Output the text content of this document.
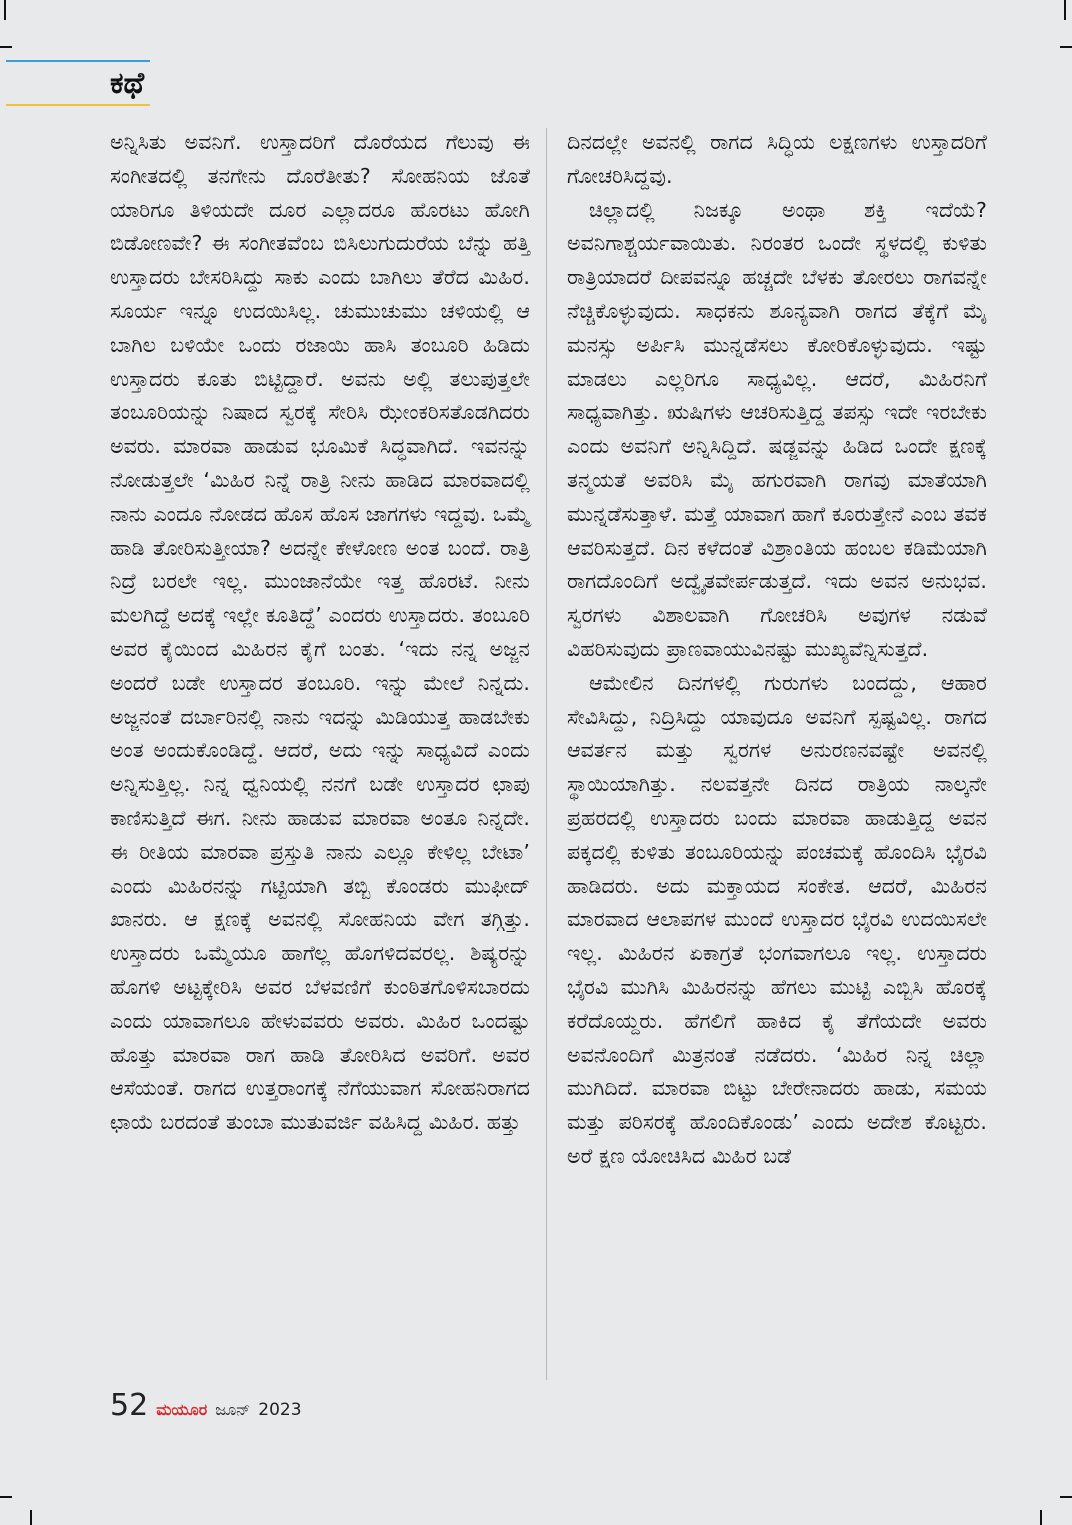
ಕಥೆ

ಅನ್ನಿಸಿತು ಅವನಿಗೆ. ಉಸ್ತಾದರಿಗೆ ದೊರೆಯದ ಗೆಲುವು ಈ ಸಂಗೀತದಲ್ಲಿ ತನಗೇನು ದೊರೆತೀತು? ಸೋಹನಿಯ ಜೊತೆ ಯಾರಿಗೂ ತಿಳಿಯದೇ ದೂರ ಎಲ್ಲಾದರೂ ಹೊರಟು ಹೋಗಿ ಬಿಡೋಣವೇ? ಈ ಸಂಗೀತವೆಂಬ ಬಿಸಿಲುಗುದುರೆಯ ಬೆನ್ನು ಹತ್ತಿ ಉಸ್ತಾದರು ಬೇಸರಿಸಿದ್ದು ಸಾಕು ಎಂದು ಬಾಗಿಲು ತೆರೆದ ಮಿಹಿರ. ಸೂರ್ಯ ಇನ್ನೂ ಉದಯಿಸಿಲ್ಲ. ಚುಮುಚುಮು ಚಳಿಯಲ್ಲಿ ಆ ಬಾಗಿಲ ಬಳಿಯೇ ಒಂದು ರಜಾಯಿ ಹಾಸಿ ತಂಬೂರಿ ಹಿಡಿದು ಉಸ್ತಾದರು ಕೂತು ಬಿಟ್ಟಿದ್ದಾರೆ. ಅವನು ಅಲ್ಲಿ ತಲುಪುತ್ತಲೇ ತಂಬೂರಿಯನ್ನು ನಿಷಾದ ಸ್ವರಕ್ಕೆ ಸೇರಿಸಿ ಝೇಂಕರಿಸತೊಡಗಿದರು ಅವರು. ಮಾರವಾ ಹಾಡುವ ಭೂಮಿಕೆ ಸಿದ್ಧವಾಗಿದೆ. ಇವನನ್ನು ನೋಡುತ್ತಲೇ ‘ಮಿಹಿರ ನಿನ್ನೆ ರಾತ್ರಿ ನೀನು ಹಾಡಿದ ಮಾರವಾದಲ್ಲಿ ನಾನು ಎಂದೂ ನೋಡದ ಹೊಸ ಹೊಸ ಜಾಗಗಳು ಇದ್ದವು. ಒಮ್ಮೆ ಹಾಡಿ ತೋರಿಸುತ್ತೀಯಾ? ಅದನ್ನೇ ಕೇಳೋಣ ಅಂತ ಬಂದೆ. ರಾತ್ರಿ ನಿದ್ರೆ ಬರಲೇ ಇಲ್ಲ. ಮುಂಜಾನೆಯೇ ಇತ್ತ ಹೊರಟೆ. ನೀನು ಮಲಗಿದ್ದೆ ಅದಕ್ಕೆ ಇಲ್ಲೇ ಕೂತಿದ್ದೆ’ ಎಂದರು ಉಸ್ತಾದರು. ತಂಬೂರಿ ಅವರ ಕೈಯಿಂದ ಮಿಹಿರನ ಕೈಗೆ ಬಂತು. ‘ಇದು ನನ್ನ ಅಜ್ಜನ ಅಂದರೆ ಬಡೇ ಉಸ್ತಾದರ ತಂಬೂರಿ. ಇನ್ನು ಮೇಲೆ ನಿನ್ನದು. ಅಜ್ಜನಂತೆ ದರ್ಬಾರಿನಲ್ಲಿ ನಾನು ಇದನ್ನು ಮಿಡಿಯುತ್ತ ಹಾಡಬೇಕು ಅಂತ ಅಂದುಕೊಂಡಿದ್ದೆ. ಆದರೆ, ಅದು ಇನ್ನು ಸಾಧ್ಯವಿದೆ ಎಂದು ಅನ್ನಿಸುತ್ತಿಲ್ಲ. ನಿನ್ನ ಧ್ವನಿಯಲ್ಲಿ ನನಗೆ ಬಡೇ ಉಸ್ತಾದರ ಛಾಪು ಕಾಣಿಸುತ್ತಿದೆ ಈಗ. ನೀನು ಹಾಡುವ ಮಾರವಾ ಅಂತೂ ನಿನ್ನದೇ. ಈ ರೀತಿಯ ಮಾರವಾ ಪ್ರಸ್ತುತಿ ನಾನು ಎಲ್ಲೂ ಕೇಳಿಲ್ಲ ಬೇಟಾ’ ಎಂದು ಮಿಹಿರನನ್ನು ಗಟ್ಟಿಯಾಗಿ ತಬ್ಬಿ ಕೊಂಡರು ಮುಫೀದ್ ಖಾನರು. ಆ ಕ್ಷಣಕ್ಕೆ ಅವನಲ್ಲಿ ಸೋಹನಿಯ ವೇಗ ತಗ್ಗಿತ್ತು. ಉಸ್ತಾದರು ಒಮ್ಮೆಯೂ ಹಾಗೆಲ್ಲ ಹೊಗಳಿದವರಲ್ಲ. ಶಿಷ್ಯರನ್ನು ಹೊಗಳಿ ಅಟ್ಟಕ್ಕೇರಿಸಿ ಅವರ ಬೆಳವಣಿಗೆ ಕುಂಠಿತಗೊಳಿಸಬಾರದು ಎಂದು ಯಾವಾಗಲೂ ಹೇಳುವವರು ಅವರು. ಮಿಹಿರ ಒಂದಷ್ಟು ಹೊತ್ತು ಮಾರವಾ ರಾಗ ಹಾಡಿ ತೋರಿಸಿದ ಅವರಿಗೆ. ಅವರ ಆಸೆಯಂತೆ. ರಾಗದ ಉತ್ತರಾಂಗಕ್ಕೆ ನೆಗೆಯುವಾಗ ಸೋಹನಿರಾಗದ ಛಾಯೆ ಬರದಂತೆ ತುಂಬಾ ಮುತುವರ್ಜಿ ವಹಿಸಿದ್ದ ಮಿಹಿರ. ಹತ್ತು

ದಿನದಲ್ಲೇ ಅವನಲ್ಲಿ ರಾಗದ ಸಿದ್ಧಿಯ ಲಕ್ಷಣಗಳು ಉಸ್ತಾದರಿಗೆ ಗೋಚರಿಸಿದ್ದವು.

ಚಿಲ್ಲಾದಲ್ಲಿ ನಿಜಕ್ಕೂ ಅಂಥಾ ಶಕ್ತಿ ಇದೆಯೆ? ಅವನಿಗಾಶ್ಚರ್ಯವಾಯಿತು. ನಿರಂತರ ಒಂದೇ ಸ್ಥಳದಲ್ಲಿ ಕುಳಿತು ರಾತ್ರಿಯಾದರೆ ದೀಪವನ್ನೂ ಹಚ್ಚದೇ ಬೆಳಕು ತೋರಲು ರಾಗವನ್ನೇ ನೆಚ್ಚಿಕೊಳ್ಳುವುದು. ಸಾಧಕನು ಶೂನ್ಯವಾಗಿ ರಾಗದ ತೆಕ್ಕೆಗೆ ಮೈ ಮನಸ್ಸು ಅರ್ಪಿಸಿ ಮುನ್ನಡೆಸಲು ಕೋರಿಕೊಳ್ಳುವುದು. ಇಷ್ಟು ಮಾಡಲು ಎಲ್ಲರಿಗೂ ಸಾಧ್ಯವಿಲ್ಲ. ಆದರೆ, ಮಿಹಿರನಿಗೆ ಸಾಧ್ಯವಾಗಿತ್ತು. ಋಷಿಗಳು ಆಚರಿಸುತ್ತಿದ್ದ ತಪಸ್ಸು ಇದೇ ಇರಬೇಕು ಎಂದು ಅವನಿಗೆ ಅನ್ನಿಸಿದ್ದಿದೆ. ಷಡ್ಜವನ್ನು ಹಿಡಿದ ಒಂದೇ ಕ್ಷಣಕ್ಕೆ ತನ್ಮಯತೆ ಅವರಿಸಿ ಮೈ ಹಗುರವಾಗಿ ರಾಗವು ಮಾತೆಯಾಗಿ ಮುನ್ನಡೆಸುತ್ತಾಳೆ. ಮತ್ತೆ ಯಾವಾಗ ಹಾಗೆ ಕೂರುತ್ತೇನೆ ಎಂಬ ತವಕ ಆವರಿಸುತ್ತದೆ. ದಿನ ಕಳೆದಂತೆ ವಿಶ್ರಾಂತಿಯ ಹಂಬಲ ಕಡಿಮೆಯಾಗಿ ರಾಗದೊಂದಿಗೆ ಅದ್ವೈತವೇರ್ಪಡುತ್ತದೆ. ಇದು ಅವನ ಅನುಭವ. ಸ್ವರಗಳು ವಿಶಾಲವಾಗಿ ಗೋಚರಿಸಿ ಅವುಗಳ ನಡುವೆ ವಿಹರಿಸುವುದು ಪ್ರಾಣವಾಯುವಿನಷ್ಟು ಮುಖ್ಯವೆನ್ನಿಸುತ್ತದೆ.

ಆಮೇಲಿನ ದಿನಗಳಲ್ಲಿ ಗುರುಗಳು ಬಂದದ್ದು, ಆಹಾರ ಸೇವಿಸಿದ್ದು, ನಿದ್ರಿಸಿದ್ದು ಯಾವುದೂ ಅವನಿಗೆ ಸ್ಪಷ್ಟವಿಲ್ಲ. ರಾಗದ ಆವರ್ತನ ಮತ್ತು ಸ್ವರಗಳ ಅನುರಣನವಷ್ಟೇ ಅವನಲ್ಲಿ ಸ್ಥಾಯಿಯಾಗಿತ್ತು. ನಲವತ್ತನೇ ದಿನದ ರಾತ್ರಿಯ ನಾಲ್ಕನೇ ಪ್ರಹರದಲ್ಲಿ ಉಸ್ತಾದರು ಬಂದು ಮಾರವಾ ಹಾಡುತ್ತಿದ್ದ ಅವನ ಪಕ್ಕದಲ್ಲಿ ಕುಳಿತು ತಂಬೂರಿಯನ್ನು ಪಂಚಮಕ್ಕೆ ಹೊಂದಿಸಿ ಭೈರವಿ ಹಾಡಿದರು. ಅದು ಮಕ್ತಾಯದ ಸಂಕೇತ. ಆದರೆ, ಮಿಹಿರನ ಮಾರವಾದ ಆಲಾಪಗಳ ಮುಂದೆ ಉಸ್ತಾದರ ಭೈರವಿ ಉದಯಿಸಲೇ ಇಲ್ಲ. ಮಿಹಿರನ ಏಕಾಗ್ರತೆ ಭಂಗವಾಗಲೂ ಇಲ್ಲ. ಉಸ್ತಾದರು ಭೈರವಿ ಮುಗಿಸಿ ಮಿಹಿರನನ್ನು ಹೆಗಲು ಮುಟ್ಟಿ ಎಬ್ಬಿಸಿ ಹೊರಕ್ಕೆ ಕರೆದೊಯ್ದರು. ಹೆಗಲಿಗೆ ಹಾಕಿದ ಕೈ ತೆಗೆಯದೇ ಅವರು ಅವನೊಂದಿಗೆ ಮಿತ್ರನಂತೆ ನಡೆದರು. ‘ಮಿಹಿರ ನಿನ್ನ ಚಿಲ್ಲಾ ಮುಗಿದಿದೆ. ಮಾರವಾ ಬಿಟ್ಟು ಬೇರೇನಾದರು ಹಾಡು, ಸಮಯ ಮತ್ತು ಪರಿಸರಕ್ಕೆ ಹೊಂದಿಕೊಂಡು’ ಎಂದು ಅದೇಶ ಕೊಟ್ಟರು. ಅರೆ ಕ್ಷಣ ಯೋಚಿಸಿದ ಮಿಹಿರ ಬಡೆ

52 ಮಯೂರ ಜೂನ್ 2023
